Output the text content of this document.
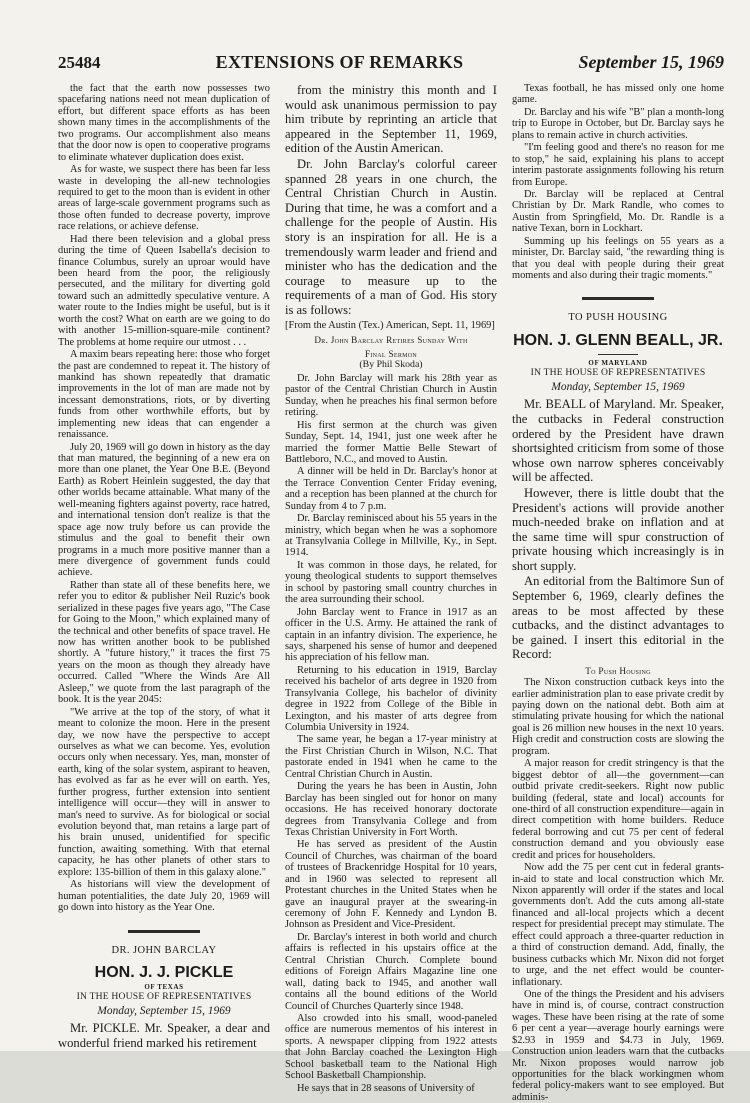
25484	EXTENSIONS OF REMARKS	September 15, 1969

the fact that the earth now possesses two spacefaring nations need not mean duplication of effort, but different space efforts as has been shown many times in the accomplishments of the two programs. Our accomplishment also means that the door now is open to cooperative programs to eliminate whatever duplication does exist.

As for waste, we suspect there has been far less waste in developing the all-new technologies required to get to the moon than is evident in other areas of large-scale government programs such as those often funded to decrease poverty, improve race relations, or achieve defense.

Had there been television and a global press during the time of Queen Isabella's decision to finance Columbus, surely an uproar would have been heard from the poor, the religiously persecuted, and the military for diverting gold toward such an admittedly speculative venture. A water route to the Indies might be useful, but is it worth the cost? What on earth are we going to do with another 15-million-square-mile continent? The problems at home require our utmost . . .

A maxim bears repeating here: those who forget the past are condemned to repeat it. The history of mankind has shown repeatedly that dramatic improvements in the lot of man are made not by incessant demonstrations, riots, or by diverting funds from other worthwhile efforts, but by implementing new ideas that can engender a renaissance.

July 20, 1969 will go down in history as the day that man matured, the beginning of a new era on more than one planet, the Year One B.E. (Beyond Earth) as Robert Heinlein suggested, the day that other worlds became attainable. What many of the well-meaning fighters against poverty, race hatred, and international tension don't realize is that the space age now truly before us can provide the stimulus and the goal to benefit their own programs in a much more positive manner than a mere divergence of government funds could achieve.

Rather than state all of these benefits here, we refer you to editor & publisher Neil Ruzic's book serialized in these pages five years ago, "The Case for Going to the Moon," which explained many of the technical and other benefits of space travel. He now has written another book to be published shortly. A "future history," it traces the first 75 years on the moon as though they already have occurred. Called "Where the Winds Are All Asleep," we quote from the last paragraph of the book. It is the year 2045:

"We arrive at the top of the story, of what it meant to colonize the moon. Here in the present day, we now have the perspective to accept ourselves as what we can become. Yes, evolution occurs only when necessary. Yes, man, monster of earth, king of the solar system, aspirant to heaven, has evolved as far as he ever will on earth. Yes, further progress, further extension into sentient intelligence will occur—they will in answer to man's need to survive. As for biological or social evolution beyond that, man retains a large part of his brain unused, unidentified for specific function, awaiting something. With that eternal capacity, he has other planets of other stars to explore: 135-billion of them in this galaxy alone."

As historians will view the development of human potentialities, the date July 20, 1969 will go down into history as the Year One.

DR. JOHN BARCLAY
HON. J. J. PICKLE
OF TEXAS
IN THE HOUSE OF REPRESENTATIVES
Monday, September 15, 1969

Mr. PICKLE. Mr. Speaker, a dear and wonderful friend marked his retirement

from the ministry this month and I would ask unanimous permission to pay him tribute by reprinting an article that appeared in the September 11, 1969, edition of the Austin American.

Dr. John Barclay's colorful career spanned 28 years in one church, the Central Christian Church in Austin. During that time, he was a comfort and a challenge for the people of Austin. His story is an inspiration for all. He is a tremendously warm leader and friend and minister who has the dedication and the courage to measure up to the requirements of a man of God. His story is as follows:

[From the Austin (Tex.) American, Sept. 11, 1969]

Dr. John Barclay Retires Sunday With
Final Sermon
(By Phil Skoda)

Dr. John Barclay will mark his 28th year as pastor of the Central Christian Church in Austin Sunday, when he preaches his final sermon before retiring.

His first sermon at the church was given Sunday, Sept. 14, 1941, just one week after he married the former Mattie Belle Stewart of Battleboro, N.C., and moved to Austin.

A dinner will be held in Dr. Barclay's honor at the Terrace Convention Center Friday evening, and a reception has been planned at the church for Sunday from 4 to 7 p.m.

Dr. Barclay reminisced about his 55 years in the ministry, which began when he was a sophomore at Transylvania College in Millville, Ky., in Sept. 1914.

It was common in those days, he related, for young theological students to support themselves in school by pastoring small country churches in the area surrounding their school.

John Barclay went to France in 1917 as an officer in the U.S. Army. He attained the rank of captain in an infantry division. The experience, he says, sharpened his sense of humor and deepened his appreciation of his fellow man.

Returning to his education in 1919, Barclay received his bachelor of arts degree in 1920 from Transylvania College, his bachelor of divinity degree in 1922 from College of the Bible in Lexington, and his master of arts degree from Columbia University in 1924.

The same year, he began a 17-year ministry at the First Christian Church in Wilson, N.C. That pastorate ended in 1941 when he came to the Central Christian Church in Austin.

During the years he has been in Austin, John Barclay has been singled out for honor on many occasions. He has received honorary doctorate degrees from Transylvania College and from Texas Christian University in Fort Worth.

He has served as president of the Austin Council of Churches, was chairman of the board of trustees of Brackenridge Hospital for 10 years, and in 1960 was selected to represent all Protestant churches in the United States when he gave an inaugural prayer at the swearing-in ceremony of John F. Kennedy and Lyndon B. Johnson as President and Vice-President.

Dr. Barclay's interest in both world and church affairs is reflected in his upstairs office at the Central Christian Church. Complete bound editions of Foreign Affairs Magazine line one wall, dating back to 1945, and another wall contains all the bound editions of the World Council of Churches Quarterly since 1948.

Also crowded into his small, wood-paneled office are numerous mementos of his interest in sports. A newspaper clipping from 1922 attests that John Barclay coached the Lexington High School basketball team to the National High School Basketball Championship.

He says that in 28 seasons of University of

Texas football, he has missed only one home game.

Dr. Barclay and his wife "B" plan a month-long trip to Europe in October, but Dr. Barclay says he plans to remain active in church activities.

"I'm feeling good and there's no reason for me to stop," he said, explaining his plans to accept interim pastorate assignments following his return from Europe.

Dr. Barclay will be replaced at Central Christian by Dr. Mark Randle, who comes to Austin from Springfield, Mo. Dr. Randle is a native Texan, born in Lockhart.

Summing up his feelings on 55 years as a minister, Dr. Barclay said, "the rewarding thing is that you deal with people during their great moments and also during their tragic moments."

TO PUSH HOUSING
HON. J. GLENN BEALL, JR.
OF MARYLAND
IN THE HOUSE OF REPRESENTATIVES
Monday, September 15, 1969

Mr. BEALL of Maryland. Mr. Speaker, the cutbacks in Federal construction ordered by the President have drawn shortsighted criticism from some of those whose own narrow spheres conceivably will be affected.

However, there is little doubt that the President's actions will provide another much-needed brake on inflation and at the same time will spur construction of private housing which increasingly is in short supply.

An editorial from the Baltimore Sun of September 6, 1969, clearly defines the areas to be most affected by these cutbacks, and the distinct advantages to be gained. I insert this editorial in the Record:

To Push Housing

The Nixon construction cutback keys into the earlier administration plan to ease private credit by paying down on the national debt. Both aim at stimulating private housing for which the national goal is 26 million new houses in the next 10 years. High credit and construction costs are slowing the program.

A major reason for credit stringency is that the biggest debtor of all—the government—can outbid private credit-seekers. Right now public building (federal, state and local) accounts for one-third of all construction expenditure—again in direct competition with home builders. Reduce federal borrowing and cut 75 per cent of federal construction demand and you obviously ease credit and prices for householders.

Now add the 75 per cent cut in federal grants-in-aid to state and local construction which Mr. Nixon apparently will order if the states and local governments don't. Add the cuts among all-state financed and all-local projects which a decent respect for presidential precept may stimulate. The effect could approach a three-quarter reduction in a third of construction demand. Add, finally, the business cutbacks which Mr. Nixon did not forget to urge, and the net effect would be counter-inflationary.

One of the things the President and his advisers have in mind is, of course, contract construction wages. These have been rising at the rate of some 6 per cent a year—average hourly earnings were $2.93 in 1959 and $4.73 in July, 1969. Construction union leaders warn that the cutbacks Mr. Nixon proposes would narrow job opportunities for the black workingmen whom federal policy-makers want to see employed. But adminis-
